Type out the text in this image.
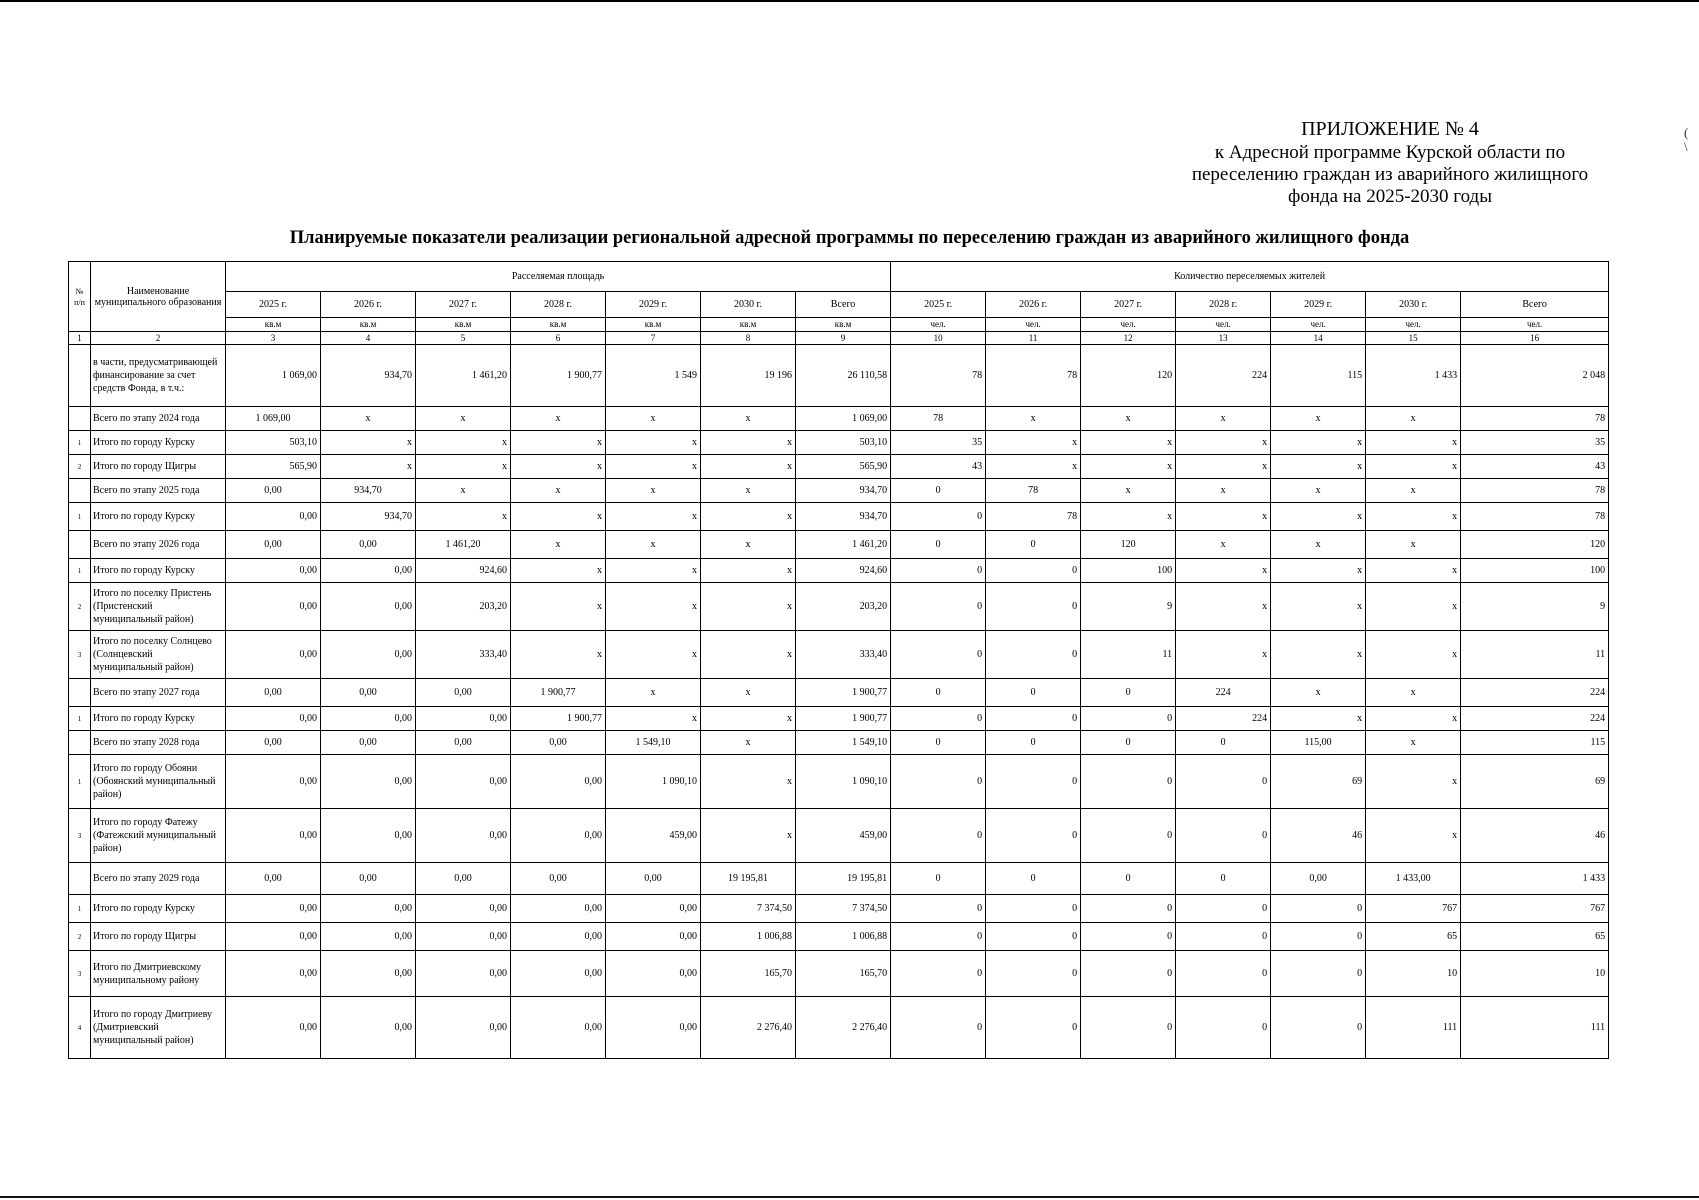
(
\
ПРИЛОЖЕНИЕ № 4
к Адресной программе Курской области по
переселению граждан из аварийного жилищного
фонда на 2025-2030 годы
Планируемые показатели реализации региональной адресной программы по переселению граждан из аварийного жилищного фонда
№ п/п	Наименование муниципального образования	Расселяемая площадь							Количество переселяемых жителей						
		2025 г.	2026 г.	2027 г.	2028 г.	2029 г.	2030 г.	Всего	2025 г.	2026 г.	2027 г.	2028 г.	2029 г.	2030 г.	Всего
		кв.м	кв.м	кв.м	кв.м	кв.м	кв.м	кв.м	чел.	чел.	чел.	чел.	чел.	чел.	чел.
1	2	3	4	5	6	7	8	9	10	11	12	13	14	15	16
	в части, предусматривающей финансирование за счет средств Фонда, в т.ч.:	1 069,00	934,70	1 461,20	1 900,77	1 549	19 196	26 110,58	78	78	120	224	115	1 433	2 048
	Всего по этапу 2024 года	1 069,00	x	x	x	x	x	1 069,00	78	x	x	x	x	x	78
1	Итого по городу Курску	503,10	x	x	x	x	x	503,10	35	x	x	x	x	x	35
2	Итого по городу Щигры	565,90	x	x	x	x	x	565,90	43	x	x	x	x	x	43
	Всего по этапу 2025 года	0,00	934,70	x	x	x	x	934,70	0	78	x	x	x	x	78
1	Итого по городу Курску	0,00	934,70	x	x	x	x	934,70	0	78	x	x	x	x	78
	Всего по этапу 2026 года	0,00	0,00	1 461,20	x	x	x	1 461,20	0	0	120	x	x	x	120
1	Итого по городу Курску	0,00	0,00	924,60	x	x	x	924,60	0	0	100	x	x	x	100
2	Итого по поселку Пристень (Пристенский муниципальный район)	0,00	0,00	203,20	x	x	x	203,20	0	0	9	x	x	x	9
3	Итого по поселку Солнцево (Солнцевский муниципальный район)	0,00	0,00	333,40	x	x	x	333,40	0	0	11	x	x	x	11
	Всего по этапу 2027 года	0,00	0,00	0,00	1 900,77	x	x	1 900,77	0	0	0	224	x	x	224
1	Итого по городу Курску	0,00	0,00	0,00	1 900,77	x	x	1 900,77	0	0	0	224	x	x	224
	Всего по этапу 2028 года	0,00	0,00	0,00	0,00	1 549,10	x	1 549,10	0	0	0	0	115,00	x	115
1	Итого по городу Обояни (Обоянский муниципальный район)	0,00	0,00	0,00	0,00	1 090,10	x	1 090,10	0	0	0	0	69	x	69
3	Итого по городу Фатежу (Фатежский муниципальный район)	0,00	0,00	0,00	0,00	459,00	x	459,00	0	0	0	0	46	x	46
	Всего по этапу 2029 года	0,00	0,00	0,00	0,00	0,00	19 195,81	19 195,81	0	0	0	0	0,00	1 433,00	1 433
1	Итого по городу Курску	0,00	0,00	0,00	0,00	0,00	7 374,50	7 374,50	0	0	0	0	0	767	767
2	Итого по городу Щигры	0,00	0,00	0,00	0,00	0,00	1 006,88	1 006,88	0	0	0	0	0	65	65
3	Итого по Дмитриевскому муниципальному району	0,00	0,00	0,00	0,00	0,00	165,70	165,70	0	0	0	0	0	10	10
4	Итого по городу Дмитриеву (Дмитриевский муниципальный район)	0,00	0,00	0,00	0,00	0,00	2 276,40	2 276,40	0	0	0	0	0	111	111
